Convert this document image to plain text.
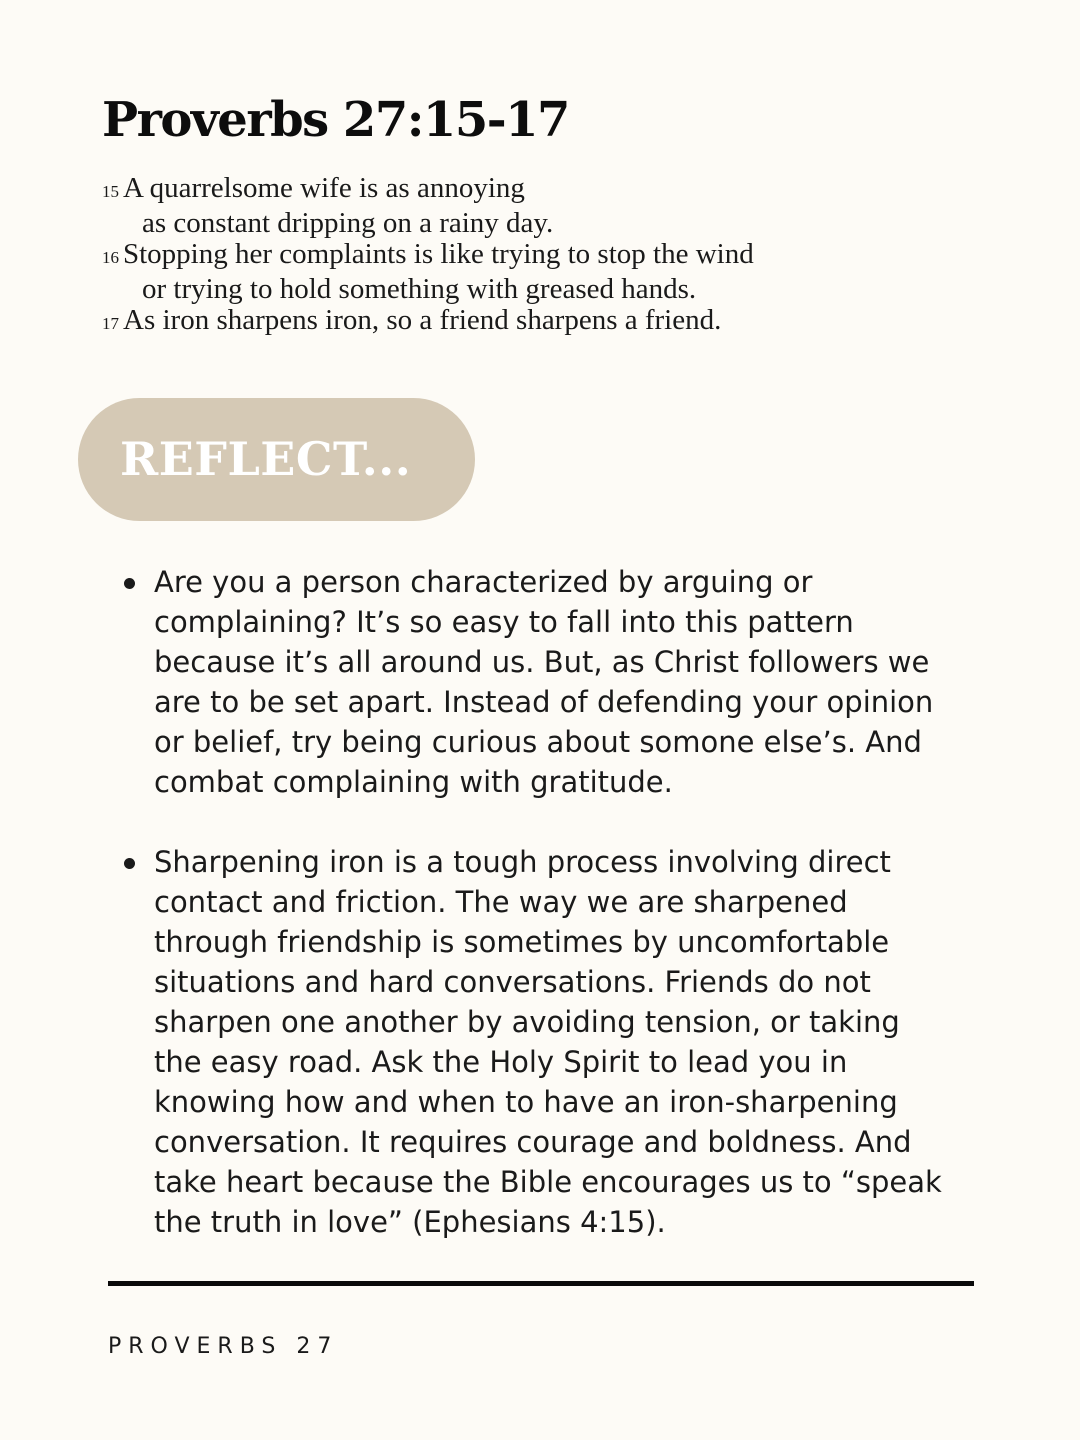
Proverbs 27:15-17
15 A quarrelsome wife is as annoying
as constant dripping on a rainy day.
16 Stopping her complaints is like trying to stop the wind
or trying to hold something with greased hands.
17 As iron sharpens iron, so a friend sharpens a friend.
REFLECT...
Are you a person characterized by arguing or
complaining? It’s so easy to fall into this pattern
because it’s all around us. But, as Christ followers we
are to be set apart. Instead of defending your opinion
or belief, try being curious about somone else’s. And
combat complaining with gratitude.
Sharpening iron is a tough process involving direct
contact and friction. The way we are sharpened
through friendship is sometimes by uncomfortable
situations and hard conversations. Friends do not
sharpen one another by avoiding tension, or taking
the easy road. Ask the Holy Spirit to lead you in
knowing how and when to have an iron-sharpening
conversation. It requires courage and boldness. And
take heart because the Bible encourages us to “speak
the truth in love” (Ephesians 4:15).
PROVERBS 27
